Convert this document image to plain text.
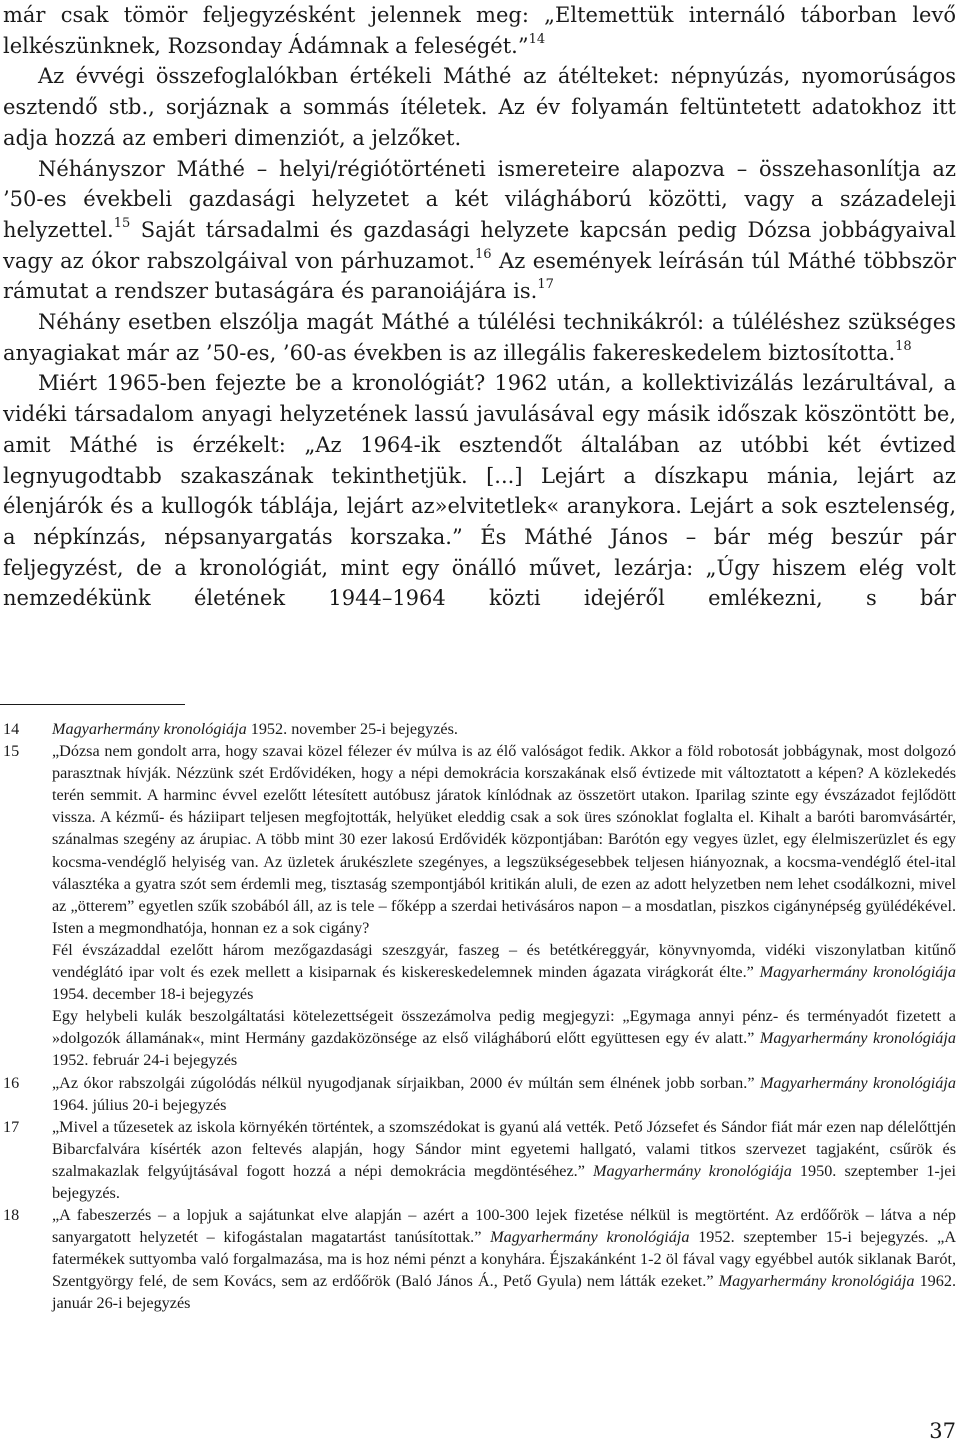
már csak tömör feljegyzésként jelennek meg: „Eltemettük internáló táborban levő lelkészünknek, Rozsonday Ádámnak a feleségét.”$^{14}$

Az évvégi összefoglalókban értékeli Máthé az átélteket: népnyúzás, nyomorúságos esztendő stb., sorjáznak a sommás ítéletek. Az év folyamán feltüntetett adatokhoz itt adja hozzá az emberi dimenziót, a jelzőket.

Néhányszor Máthé – helyi/régiótörténeti ismereteire alapozva – összehasonlítja az ’50-es évekbeli gazdasági helyzetet a két világháború közötti, vagy a századeleji helyzettel.$^{15}$ Saját társadalmi és gazdasági helyzete kapcsán pedig Dózsa jobbágyaival vagy az ókor rabszolgáival von párhuzamot.$^{16}$ Az események leírásán túl Máthé többször rámutat a rendszer butaságára és paranoiájára is.$^{17}$

Néhány esetben elszólja magát Máthé a túlélési technikákról: a túléléshez szükséges anyagiakat már az ’50-es, ’60-as években is az illegális fakereskedelem biztosította.$^{18}$

Miért 1965-ben fejezte be a kronológiát? 1962 után, a kollektivizálás lezárultával, a vidéki társadalom anyagi helyzetének lassú javulásával egy másik időszak köszöntött be, amit Máthé is érzékelt: „Az 1964-ik esztendőt általában az utóbbi két évtized legnyugodtabb szakaszának tekinthetjük. [...] Lejárt a díszkapu mánia, lejárt az élenjárók és a kullogók táblája, lejárt az»elvitetlek« aranykora. Lejárt a sok esztelenség, a népkínzás, népsanyargatás korszaka.” És Máthé János – bár még beszúr pár feljegyzést, de a kronológiát, mint egy önálló művet, lezárja: „Úgy hiszem elég volt nemzedékünk életének 1944–1964 közti idejéről emlékezni, s bár

14	Magyarhermány kronológiája 1952. november 25-i bejegyzés.

15	„Dózsa nem gondolt arra, hogy szavai közel félezer év múlva is az élő valóságot fedik. Akkor a föld robotosát jobbágynak, most dolgozó parasztnak hívják. Nézzünk szét Erdővidéken, hogy a népi demokrácia korszakának első évtizede mit változtatott a képen? A közlekedés terén semmit. A harminc évvel ezelőtt létesített autóbusz járatok kínlódnak az összetört utakon. Iparilag szinte egy évszázadot fejlődött vissza. A kézmű- és háziipart teljesen megfojtották, helyüket eleddig csak a sok üres szónoklat foglalta el. Kihalt a baróti baromvásártér, szánalmas szegény az árupiac. A több mint 30 ezer lakosú Erdővidék központjában: Barótón egy vegyes üzlet, egy élelmiszerüzlet és egy kocsma-vendéglő helyiség van. Az üzletek árukészlete szegényes, a legszükségesebbek teljesen hiányoznak, a kocsma-vendéglő étel-ital választéka a gyatra szót sem érdemli meg, tisztaság szempontjából kritikán aluli, de ezen az adott helyzetben nem lehet csodálkozni, mivel az „ötterem” egyetlen szűk szobából áll, az is tele – főképp a szerdai hetivásáros napon – a mosdatlan, piszkos cigánynépség gyülédékével. Isten a megmondhatója, honnan ez a sok cigány?

Fél évszázaddal ezelőtt három mezőgazdasági szeszgyár, faszeg – és betétkéreggyár, könyvnyomda, vidéki viszonylatban kitűnő vendéglátó ipar volt és ezek mellett a kisiparnak és kiskereskedelemnek minden ágazata virágkorát élte.” Magyarhermány kronológiája 1954. december 18-i bejegyzés

Egy helybeli kulák beszolgáltatási kötelezettségeit összezámolva pedig megjegyzi: „Egymaga annyi pénz- és terményadót fizetett a »dolgozók államának«, mint Hermány gazdaközönsége az első világháború előtt együttesen egy év alatt.” Magyarhermány kronológiája 1952. február 24-i bejegyzés

16	„Az ókor rabszolgái zúgolódás nélkül nyugodjanak sírjaikban, 2000 év múltán sem élnének jobb sorban.” Magyarhermány kronológiája 1964. július 20-i bejegyzés

17	„Mivel a tűzesetek az iskola környékén történtek, a szomszédokat is gyanú alá vették. Pető Józsefet és Sándor fiát már ezen nap délelőttjén Bibarcfalvára kísérték azon feltevés alapján, hogy Sándor mint egyetemi hallgató, valami titkos szervezet tagjaként, csűrök és szalmakazlak felgyújtásával fogott hozzá a népi demokrácia megdöntéséhez.” Magyarhermány kronológiája 1950. szeptember 1-jei bejegyzés.

18	„A fabeszerzés – a lopjuk a sajátunkat elve alapján – azért a 100-300 lejek fizetése nélkül is megtörtént. Az erdőőrök – látva a nép sanyargatott helyzetét – kifogástalan magatartást tanúsítottak.” Magyarhermány kronológiája 1952. szeptember 15-i bejegyzés. „A fatermékek suttyomba való forgalmazása, ma is hoz némi pénzt a konyhára. Éjszakánként 1-2 öl fával vagy egyébbel autók siklanak Barót, Szentgyörgy felé, de sem Kovács, sem az erdőőrök (Baló János Á., Pető Gyula) nem látták ezeket.” Magyarhermány kronológiája 1962. január 26-i bejegyzés

37
